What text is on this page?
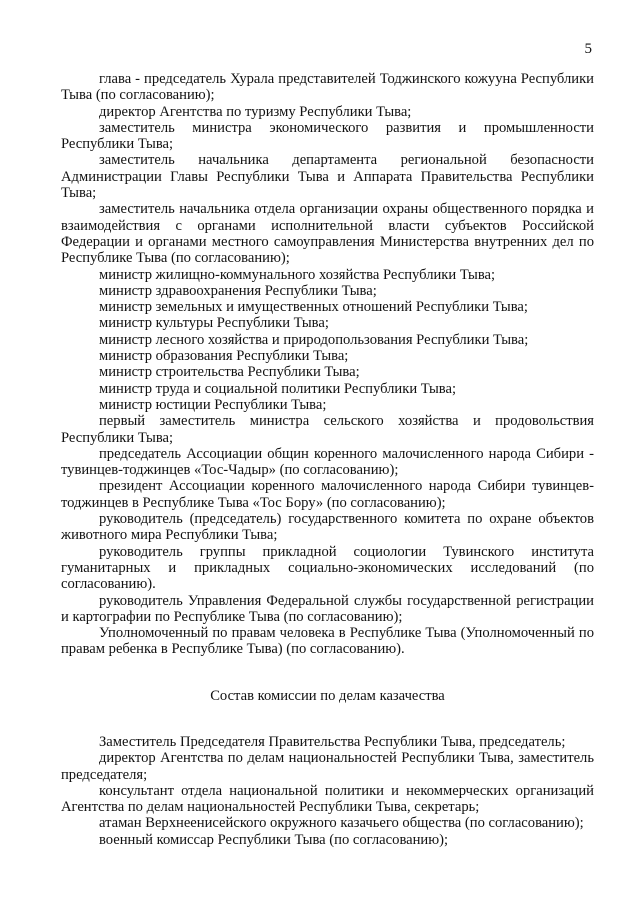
5

глава - председатель Хурала представителей Тоджинского кожууна Республики Тыва (по согласованию);

директор Агентства по туризму Республики Тыва;

заместитель министра экономического развития и промышленности Республики Тыва;

заместитель начальника департамента региональной безопасности Администрации Главы Республики Тыва и Аппарата Правительства Республики Тыва;

заместитель начальника отдела организации охраны общественного порядка и взаимодействия с органами исполнительной власти субъектов Российской Федерации и органами местного самоуправления Министерства внутренних дел по Республике Тыва (по согласованию);

министр жилищно-коммунального хозяйства Республики Тыва;

министр здравоохранения Республики Тыва;

министр земельных и имущественных отношений Республики Тыва;

министр культуры Республики Тыва;

министр лесного хозяйства и природопользования Республики Тыва;

министр образования Республики Тыва;

министр строительства Республики Тыва;

министр труда и социальной политики Республики Тыва;

министр юстиции Республики Тыва;

первый заместитель министра сельского хозяйства и продовольствия Республики Тыва;

председатель Ассоциации общин коренного малочисленного народа Сибири - тувинцев-тоджинцев «Тос-Чадыр» (по согласованию);

президент Ассоциации коренного малочисленного народа Сибири тувинцев-тоджинцев в Республике Тыва «Тос Бору» (по согласованию);

руководитель (председатель) государственного комитета по охране объектов животного мира Республики Тыва;

руководитель группы прикладной социологии Тувинского института гуманитарных и прикладных социально-экономических исследований (по согласованию).

руководитель Управления Федеральной службы государственной регистрации и картографии по Республике Тыва (по согласованию);

Уполномоченный по правам человека в Республике Тыва (Уполномоченный по правам ребенка в Республике Тыва) (по согласованию).

Состав комиссии по делам казачества

Заместитель Председателя Правительства Республики Тыва, председатель;

директор Агентства по делам национальностей Республики Тыва, заместитель председателя;

консультант отдела национальной политики и некоммерческих организаций Агентства по делам национальностей Республики Тыва, секретарь;

атаман Верхнеенисейского окружного казачьего общества (по согласованию);

военный комиссар Республики Тыва (по согласованию);
